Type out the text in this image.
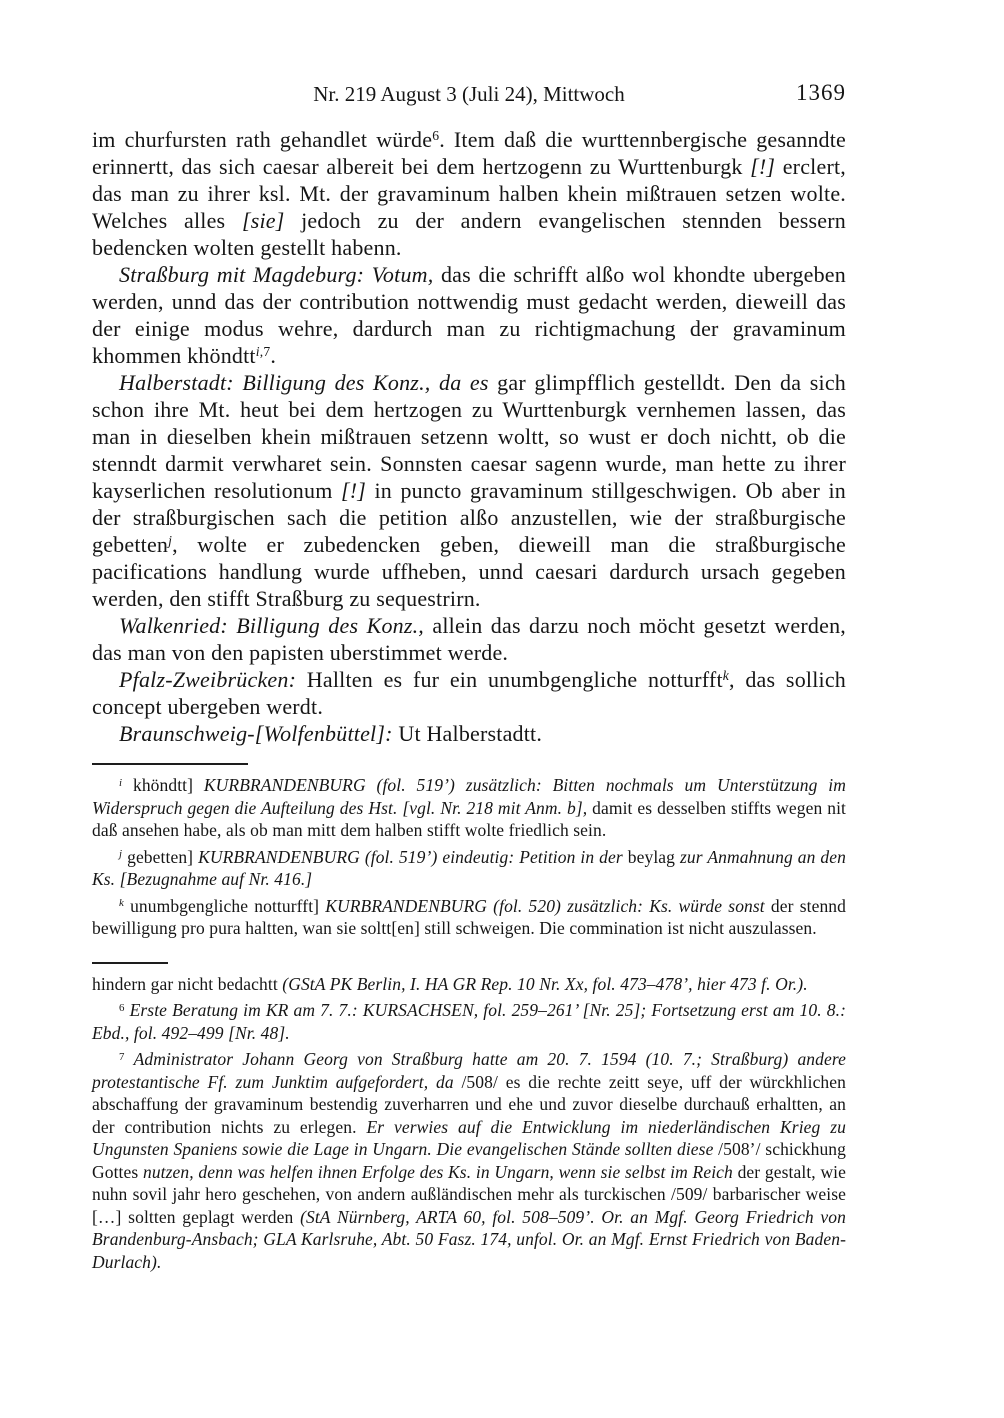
Nr. 219 August 3 (Juli 24), Mittwoch	1369

im churfursten rath gehandlet würde$^6$. Item daß die wurttennbergische gesanndte erinnertt, das sich caesar albereit bei dem hertzogenn zu Wurttenburgk [!] erclert, das man zu ihrer ksl. Mt. der gravaminum halben khein mißtrauen setzen wolte. Welches alles [sie] jedoch zu der andern evangelischen stennden bessern bedencken wolten gestellt habenn.

Straßburg mit Magdeburg: Votum, das die schrifft alßo wol khondte ubergeben werden, unnd das der contribution nottwendig must gedacht werden, dieweill das der einige modus wehre, dardurch man zu richtigmachung der gravaminum khommen khöndtt$^{i,7}$.

Halberstadt: Billigung des Konz., da es gar glimpfflich gestelldt. Den da sich schon ihre Mt. heut bei dem hertzogen zu Wurttenburgk vernhemen lassen, das man in dieselben khein mißtrauen setzenn woltt, so wust er doch nichtt, ob die stenndt darmit verwharet sein. Sonnsten caesar sagenn wurde, man hette zu ihrer kayserlichen resolutionum [!] in puncto gravaminum stillgeschwigen. Ob aber in der straßburgischen sach die petition alßo anzustellen, wie der straßburgische gebetten$^j$, wolte er zubedencken geben, dieweill man die straßburgische pacifications handlung wurde uffheben, unnd caesari dardurch ursach gegeben werden, den stifft Straßburg zu sequestrirn.

Walkenried: Billigung des Konz., allein das darzu noch möcht gesetzt werden, das man von den papisten uberstimmet werde.

Pfalz-Zweibrücken: Hallten es fur ein unumbgengliche notturfft$^k$, das sollich concept ubergeben werdt.

Braunschweig-[Wolfenbüttel]: Ut Halberstadtt.

$^i$ khöndtt] KURBRANDENBURG (fol. 519’) zusätzlich: Bitten nochmals um Unterstützung im Widerspruch gegen die Aufteilung des Hst. [vgl. Nr. 218 mit Anm. b], damit es desselben stiffts wegen nit daß ansehen habe, als ob man mitt dem halben stifft wolte friedlich sein.

$^j$ gebetten] KURBRANDENBURG (fol. 519’) eindeutig: Petition in der beylag zur Anmahnung an den Ks. [Bezugnahme auf Nr. 416.]

$^k$ unumbgengliche notturfft] KURBRANDENBURG (fol. 520) zusätzlich: Ks. würde sonst der stennd bewilligung pro pura haltten, wan sie soltt[en] still schweigen. Die commination ist nicht auszulassen.

hindern gar nicht bedachtt (GStA PK Berlin, I. HA GR Rep. 10 Nr. Xx, fol. 473–478’, hier 473 f. Or.).

$^6$ Erste Beratung im KR am 7. 7.: KURSACHSEN, fol. 259–261’ [Nr. 25]; Fortsetzung erst am 10. 8.: Ebd., fol. 492–499 [Nr. 48].

$^7$ Administrator Johann Georg von Straßburg hatte am 20. 7. 1594 (10. 7.; Straßburg) andere protestantische Ff. zum Junktim aufgefordert, da /508/ es die rechte zeitt seye, uff der würckhlichen abschaffung der gravaminum bestendig zuverharren und ehe und zuvor dieselbe durchauß erhaltten, an der contribution nichts zu erlegen. Er verwies auf die Entwicklung im niederländischen Krieg zu Ungunsten Spaniens sowie die Lage in Ungarn. Die evangelischen Stände sollten diese /508’/ schickhung Gottes nutzen, denn was helfen ihnen Erfolge des Ks. in Ungarn, wenn sie selbst im Reich der gestalt, wie nuhn sovil jahr hero geschehen, von andern außländischen mehr als turckischen /509/ barbarischer weise […] soltten geplagt werden (StA Nürnberg, ARTA 60, fol. 508–509’. Or. an Mgf. Georg Friedrich von Brandenburg-Ansbach; GLA Karlsruhe, Abt. 50 Fasz. 174, unfol. Or. an Mgf. Ernst Friedrich von Baden-Durlach).
